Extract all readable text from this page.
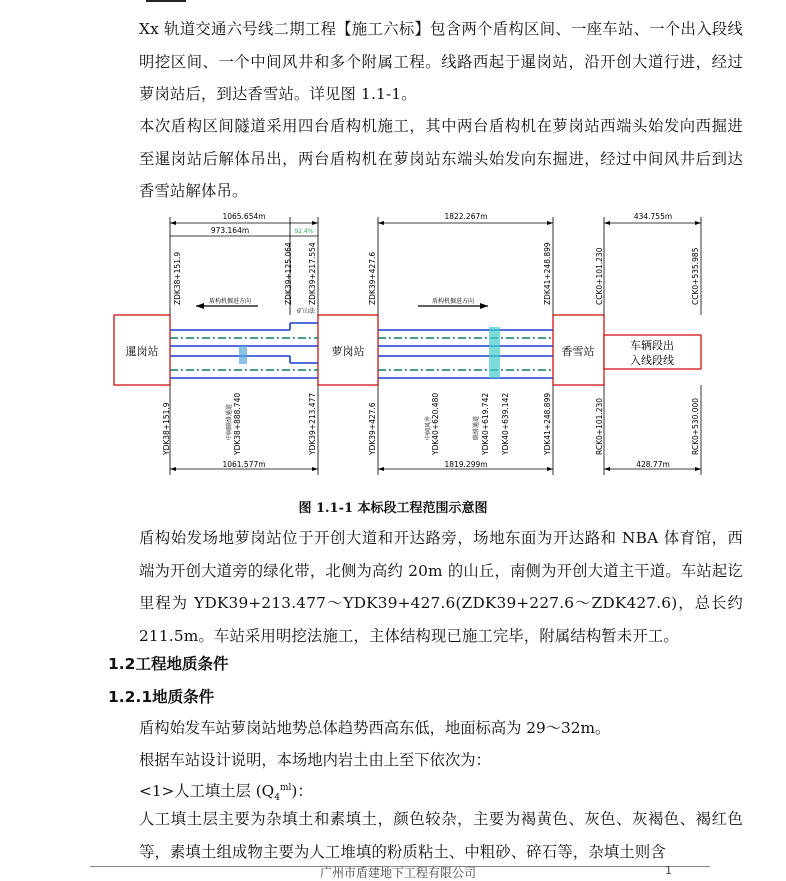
Xx 轨道交通六号线二期工程【施工六标】包含两个盾构区间、一座车站、一个出入段线明挖区间、一个中间风井和多个附属工程。线路西起于暹岗站，沿开创大道行进，经过萝岗站后，到达香雪站。详见图 1.1-1。

本次盾构区间隧道采用四台盾构机施工，其中两台盾构机在萝岗站西端头始发向西掘进至暹岗站后解体吊出，两台盾构机在萝岗站东端头始发向东掘进，经过中间风井后到达香雪站解体吊。

1065.654m
973.164m	92.4%
1822.267m	434.755m
1061.577m	1819.299m	428.77m
ZDK38+151.9	ZDK39+125.064 ZDK39+217.554	ZDK39+427.6	ZDK41+248.899	CCK0+101.230	CCK0+535.985
YDK38+151.9	YDK38+888.740	YDK39+213.477	YDK39+427.6	YDK40+620.480	YDK40+619.742 YDK40+639.142	YDK41+248.899	RCK0+101.230	RCK0+530.000
中间联络通道	中间风井	联络通道
暹岗站	萝岗站	香雪站	车辆段出
入线段线
盾构机掘进方向
矿山法
盾构机掘进方向
图 1.1-1 本标段工程范围示意图

盾构始发场地萝岗站位于开创大道和开达路旁，场地东面为开达路和 NBA 体育馆，西端为开创大道旁的绿化带，北侧为高约 20m 的山丘，南侧为开创大道主干道。车站起讫里程为 YDK39+213.477～YDK39+427.6(ZDK39+227.6～ZDK427.6)，总长约 211.5m。车站采用明挖法施工，主体结构现已施工完毕，附属结构暂未开工。

1.2工程地质条件
1.2.1地质条件
盾构始发车站萝岗站地势总体趋势西高东低，地面标高为 29～32m。
根据车站设计说明，本场地内岩土由上至下依次为：
<1>人工填土层 $(Q_4^{ml})$：

人工填土层主要为杂填土和素填土，颜色较杂，主要为褐黄色、灰色、灰褐色、褐红色等，素填土组成物主要为人工堆填的粉质粘土、中粗砂、碎石等，杂填土则含

广州市盾建地下工程有限公司	1
